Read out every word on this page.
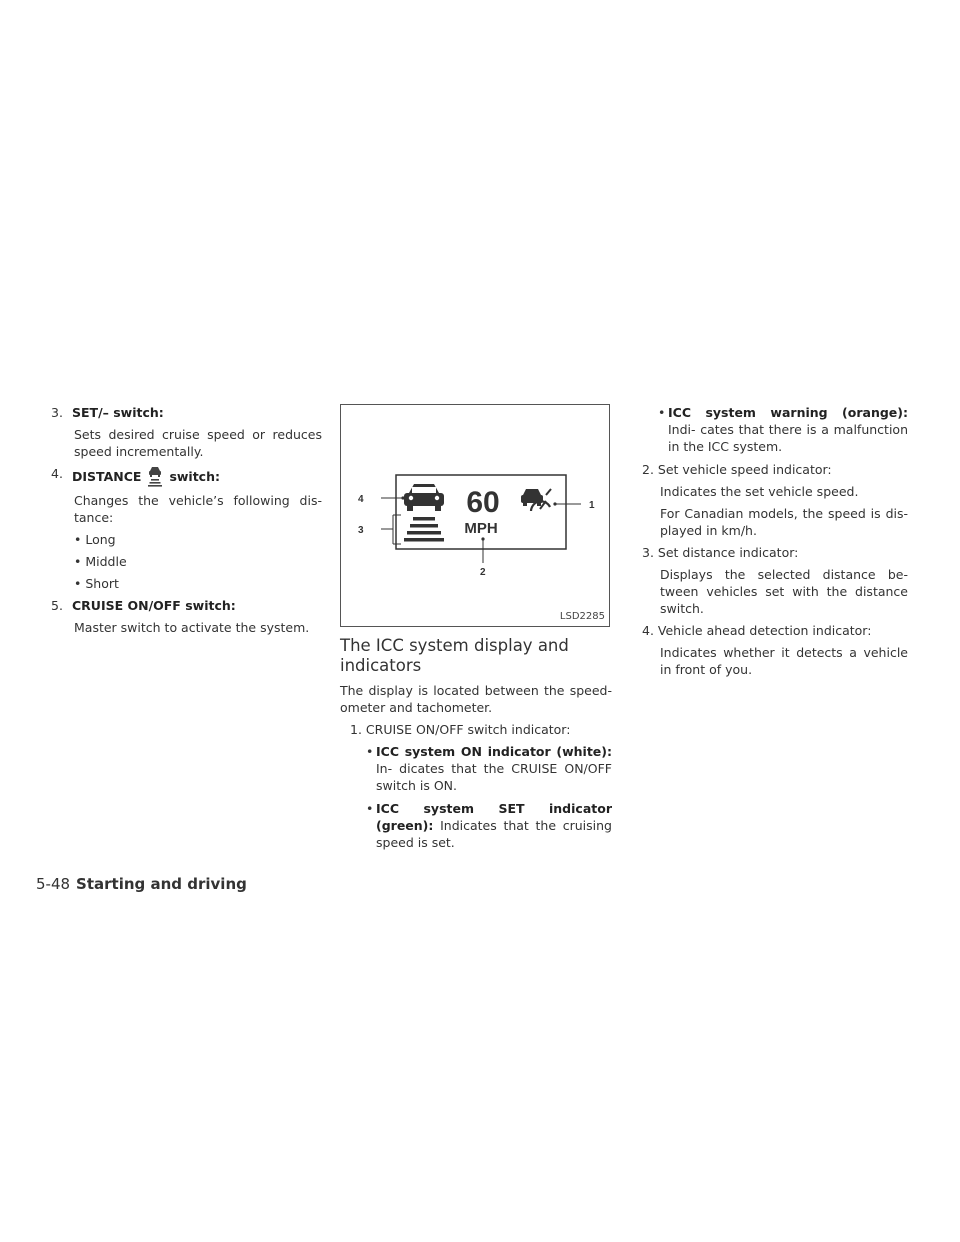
3. SET/– switch:

Sets desired cruise speed or reduces speed incrementally.

4. DISTANCE switch:

Changes the vehicle’s following dis- tance:

• Long

• Middle

• Short

5. CRUISE ON/OFF switch:

Master switch to activate the system.

60
MPH
1
2
3
4
LSD2285
The ICC system display and indicators

The display is located between the speed- ometer and tachometer.

1. CRUISE ON/OFF switch indicator:

• ICC system ON indicator (white): In- dicates that the CRUISE ON/OFF switch is ON.
• ICC system SET indicator (green): Indicates that the cruising speed is set.
• ICC system warning (orange): Indi- cates that there is a malfunction in the ICC system.

2. Set vehicle speed indicator:

Indicates the set vehicle speed.

For Canadian models, the speed is dis- played in km/h.

3. Set distance indicator:

Displays the selected distance be- tween vehicles set with the distance switch.

4. Vehicle ahead detection indicator:

Indicates whether it detects a vehicle in front of you.

5-48 Starting and driving
